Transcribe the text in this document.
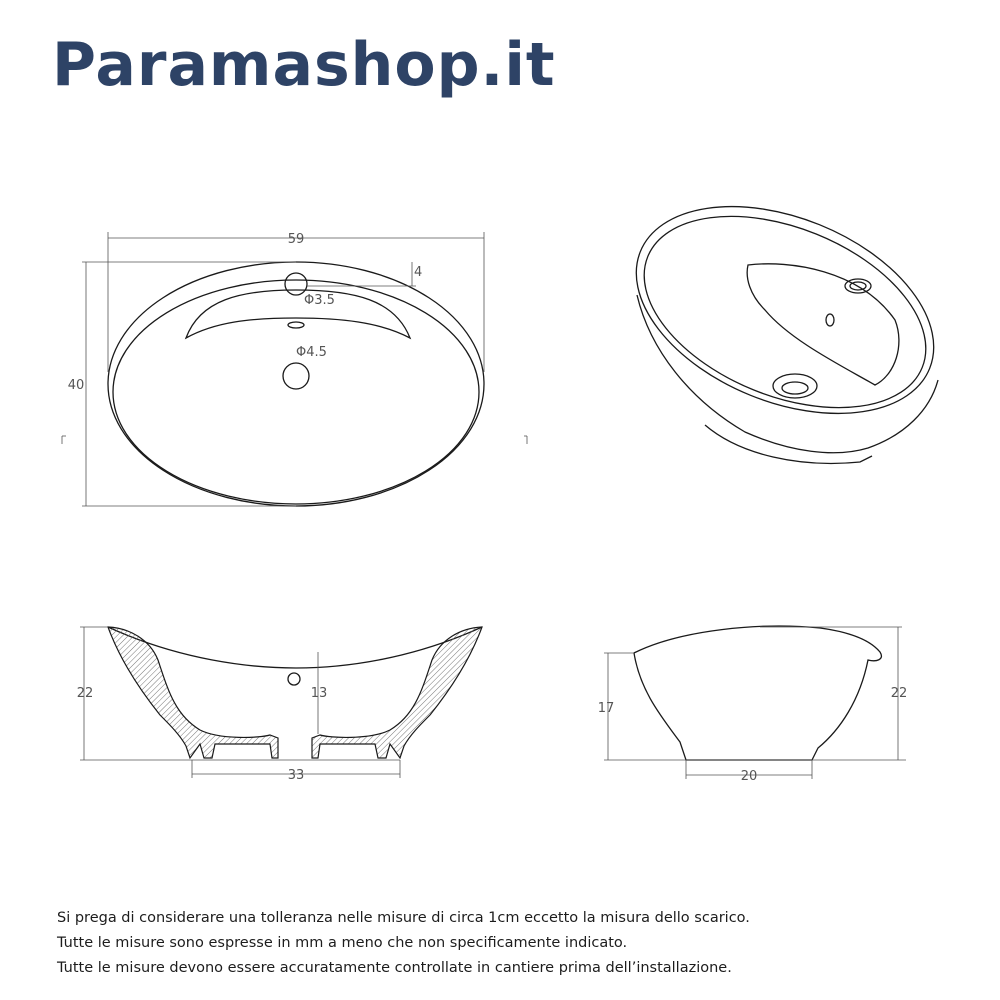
Paramashop.it
59
40
4
Φ3.5
Φ4.5
22	13
33
17
22
20
Si prega di considerare una tolleranza nelle misure di circa 1cm eccetto la misura dello scarico.
Tutte le misure sono espresse in mm a meno che non specificamente indicato.
Tutte le misure devono essere accuratamente controllate in cantiere prima dell’installazione.
